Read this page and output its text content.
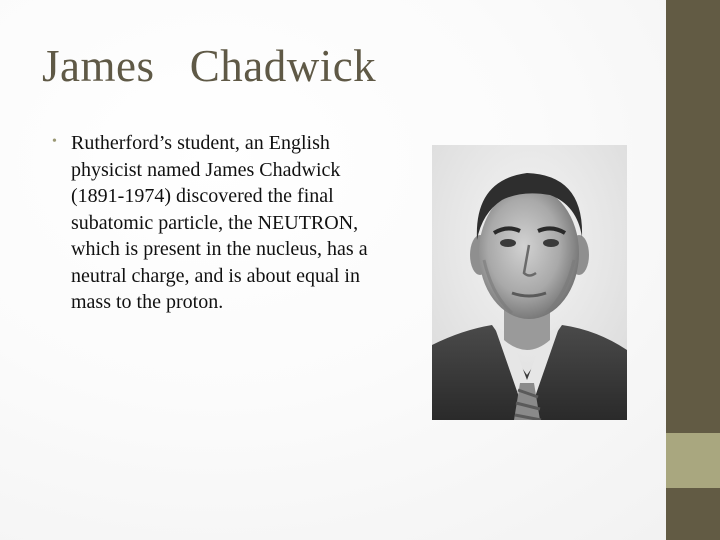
James   Chadwick
• Rutherford’s student, an English physicist named James Chadwick (1891-1974) discovered the final subatomic particle, the NEUTRON, which is present in the nucleus, has a neutral charge, and is about equal in mass to the proton.
